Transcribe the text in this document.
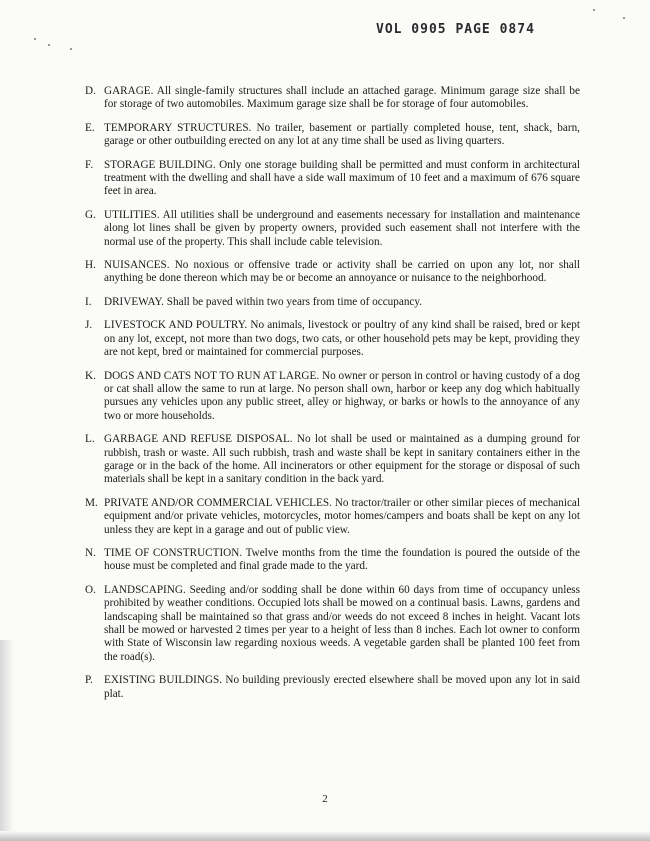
VOL 0905 PAGE 0874
D. GARAGE. All single-family structures shall include an attached garage. Minimum garage size shall be for storage of two automobiles. Maximum garage size shall be for storage of four automobiles.
E. TEMPORARY STRUCTURES. No trailer, basement or partially completed house, tent, shack, barn, garage or other outbuilding erected on any lot at any time shall be used as living quarters.
F. STORAGE BUILDING. Only one storage building shall be permitted and must conform in architectural treatment with the dwelling and shall have a side wall maximum of 10 feet and a maximum of 676 square feet in area.
G. UTILITIES. All utilities shall be underground and easements necessary for installation and maintenance along lot lines shall be given by property owners, provided such easement shall not interfere with the normal use of the property. This shall include cable television.
H. NUISANCES. No noxious or offensive trade or activity shall be carried on upon any lot, nor shall anything be done thereon which may be or become an annoyance or nuisance to the neighborhood.
I. DRIVEWAY. Shall be paved within two years from time of occupancy.
J. LIVESTOCK AND POULTRY. No animals, livestock or poultry of any kind shall be raised, bred or kept on any lot, except, not more than two dogs, two cats, or other household pets may be kept, providing they are not kept, bred or maintained for commercial purposes.
K. DOGS AND CATS NOT TO RUN AT LARGE. No owner or person in control or having custody of a dog or cat shall allow the same to run at large. No person shall own, harbor or keep any dog which habitually pursues any vehicles upon any public street, alley or highway, or barks or howls to the annoyance of any two or more households.
L. GARBAGE AND REFUSE DISPOSAL. No lot shall be used or maintained as a dumping ground for rubbish, trash or waste. All such rubbish, trash and waste shall be kept in sanitary containers either in the garage or in the back of the home. All incinerators or other equipment for the storage or disposal of such materials shall be kept in a sanitary condition in the back yard.
M. PRIVATE AND/OR COMMERCIAL VEHICLES. No tractor/trailer or other similar pieces of mechanical equipment and/or private vehicles, motorcycles, motor homes/campers and boats shall be kept on any lot unless they are kept in a garage and out of public view.
N. TIME OF CONSTRUCTION. Twelve months from the time the foundation is poured the outside of the house must be completed and final grade made to the yard.
O. LANDSCAPING. Seeding and/or sodding shall be done within 60 days from time of occupancy unless prohibited by weather conditions. Occupied lots shall be mowed on a continual basis. Lawns, gardens and landscaping shall be maintained so that grass and/or weeds do not exceed 8 inches in height. Vacant lots shall be mowed or harvested 2 times per year to a height of less than 8 inches. Each lot owner to conform with State of Wisconsin law regarding noxious weeds. A vegetable garden shall be planted 100 feet from the road(s).
P. EXISTING BUILDINGS. No building previously erected elsewhere shall be moved upon any lot in said plat.
2
